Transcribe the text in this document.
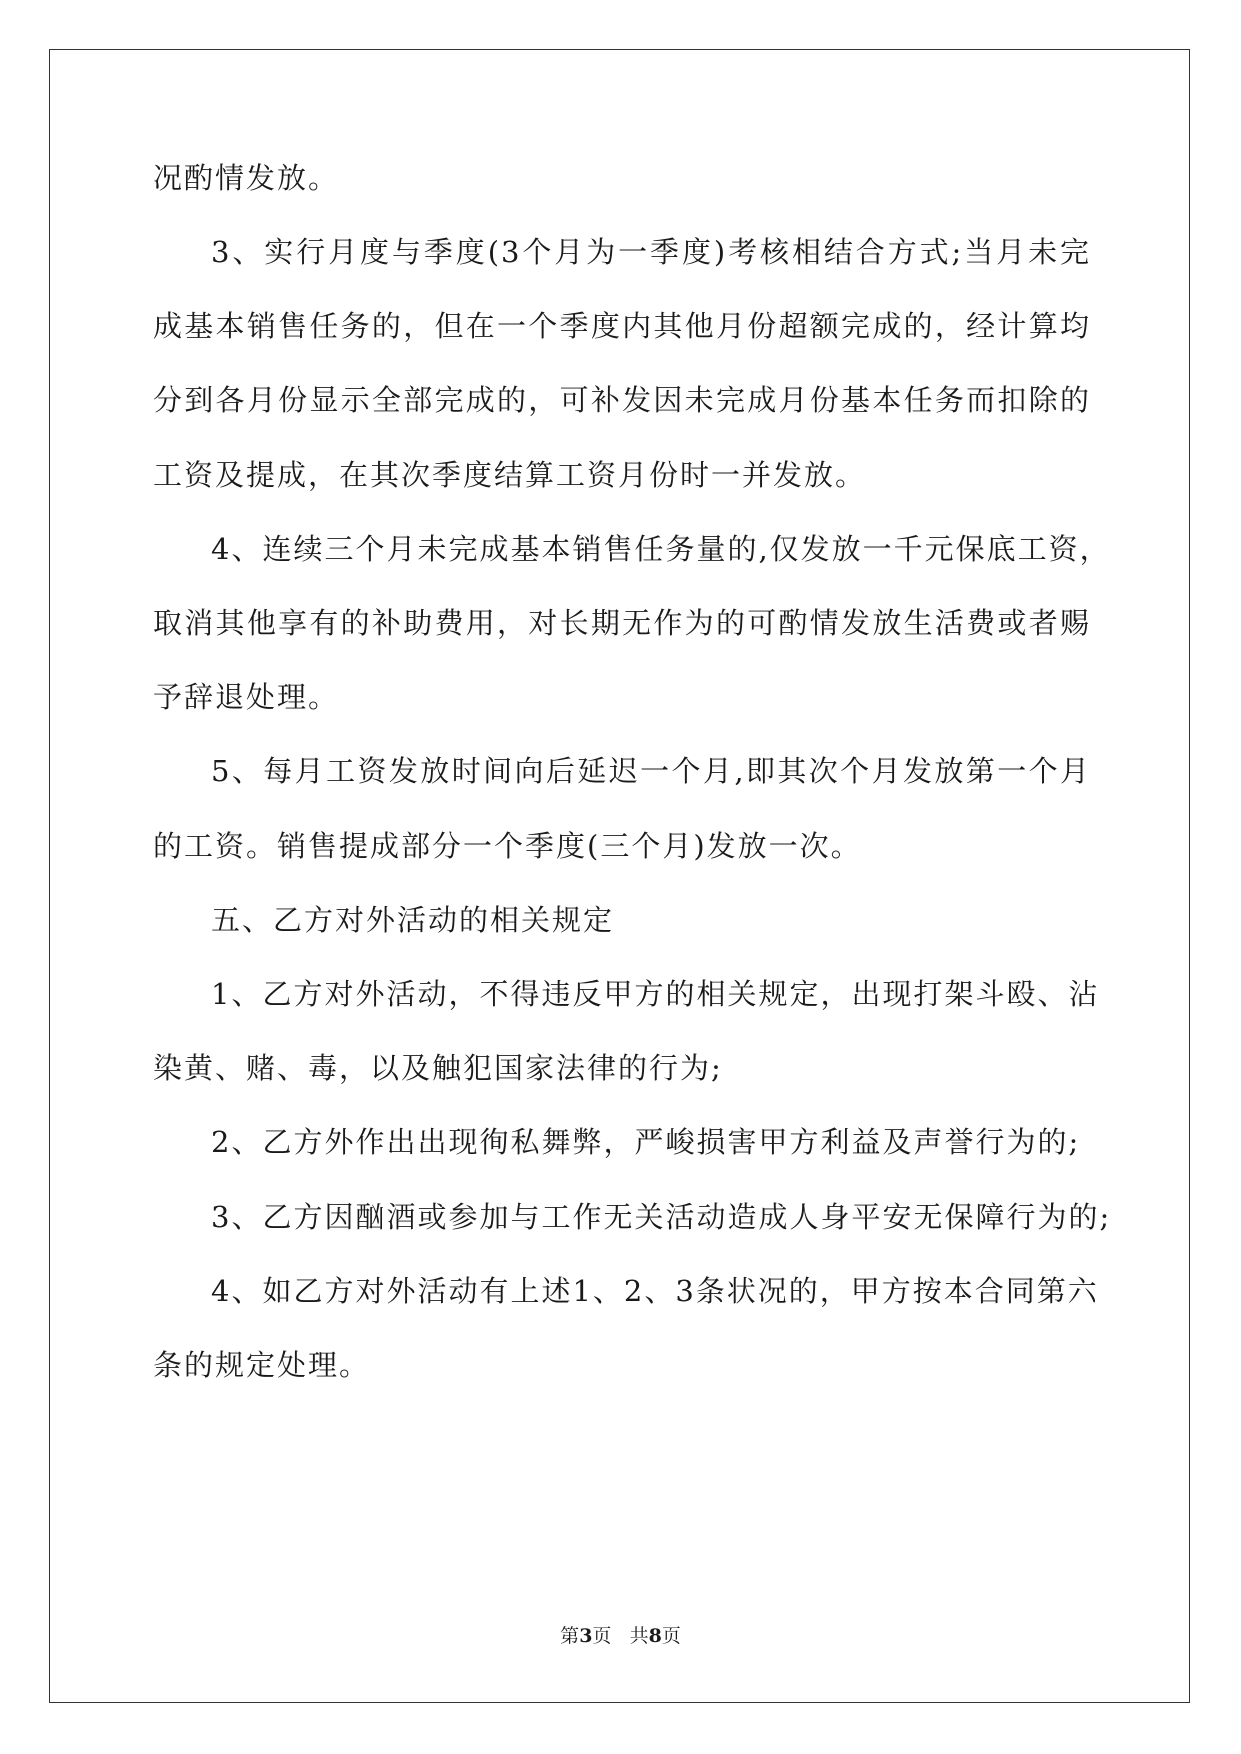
况酌情发放。
3、实行月度与季度(3个月为一季度)考核相结合方式;当月未完
成基本销售任务的，但在一个季度内其他月份超额完成的，经计算均
分到各月份显示全部完成的，可补发因未完成月份基本任务而扣除的
工资及提成，在其次季度结算工资月份时一并发放。
4、连续三个月未完成基本销售任务量的,仅发放一千元保底工资，
取消其他享有的补助费用，对长期无作为的可酌情发放生活费或者赐
予辞退处理。
5、每月工资发放时间向后延迟一个月,即其次个月发放第一个月
的工资。销售提成部分一个季度(三个月)发放一次。
五、乙方对外活动的相关规定
1、乙方对外活动，不得违反甲方的相关规定，出现打架斗殴、沾
染黄、赌、毒，以及触犯国家法律的行为;
2、乙方外作出出现徇私舞弊，严峻损害甲方利益及声誉行为的;
3、乙方因酗酒或参加与工作无关活动造成人身平安无保障行为的;
4、如乙方对外活动有上述1、2、3条状况的，甲方按本合同第六
条的规定处理。
第3页 共8页
